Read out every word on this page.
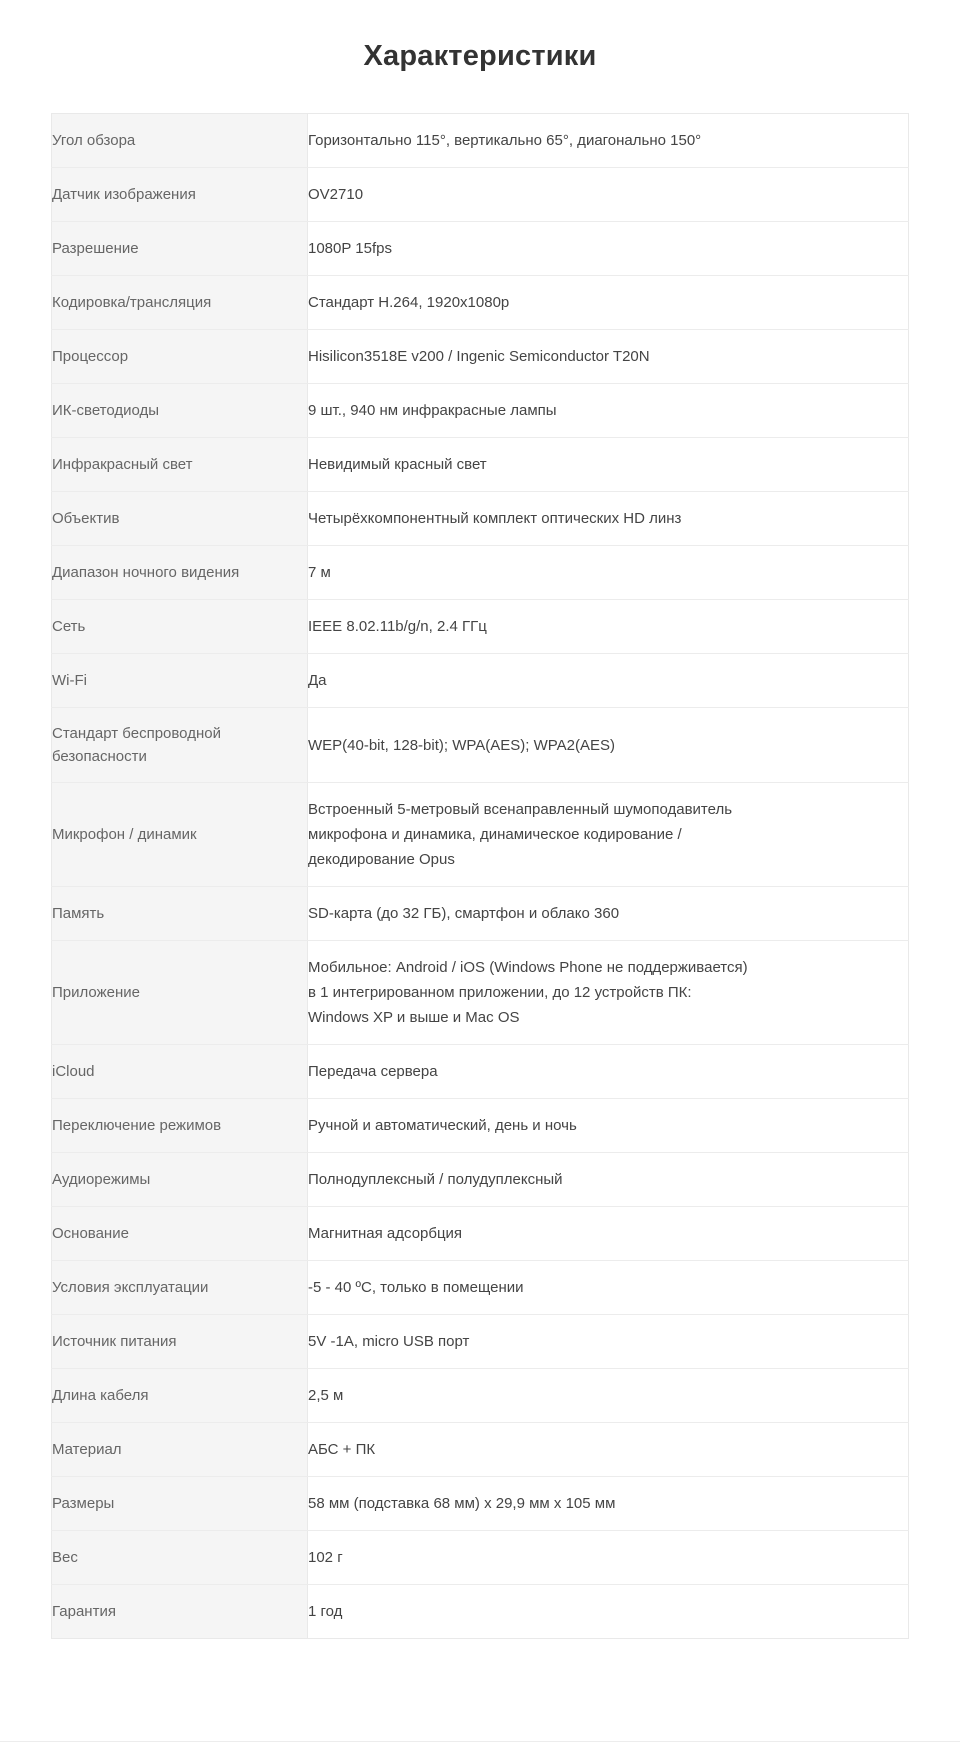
Характеристики
Угол обзора	Горизонтально 115°, вертикально 65°, диагонально 150°

Датчик изображения	OV2710

Разрешение	1080P 15fps

Кодировка/трансляция	Стандарт H.264, 1920x1080p

Процессор	Hisilicon3518E v200 / Ingenic Semiconductor T20N

ИК-светодиоды	9 шт., 940 нм инфракрасные лампы

Инфракрасный свет	Невидимый красный свет

Объектив	Четырёхкомпонентный комплект оптических HD линз

Диапазон ночного видения	7 м

Сеть	IEEE 8.02.11b/g/n, 2.4 ГГц

Wi-Fi	Да

Стандарт беспроводной безопасности	WEP(40-bit, 128-bit); WPA(AES); WPA2(AES)

Микрофон / динамик	Встроенный 5-метровый всенаправленный шумоподавитель
микрофона и динамика, динамическое кодирование /
декодирование Opus

Память	SD-карта (до 32 ГБ), смартфон и облако 360

Приложение	Мобильное: Android / iOS (Windows Phone не поддерживается)
в 1 интегрированном приложении, до 12 устройств ПК:
Windows XP и выше и Mac OS

iCloud	Передача сервера

Переключение режимов	Ручной и автоматический, день и ночь

Аудиорежимы	Полнодуплексный / полудуплексный

Основание	Магнитная адсорбция

Условия эксплуатации	-5 - 40 ºC, только в помещении

Источник питания	5V -1A, micro USB порт

Длина кабеля	2,5 м

Материал	АБС + ПК

Размеры	58 мм (подставка 68 мм) x 29,9 мм x 105 мм

Вес	102 г

Гарантия	1 год
